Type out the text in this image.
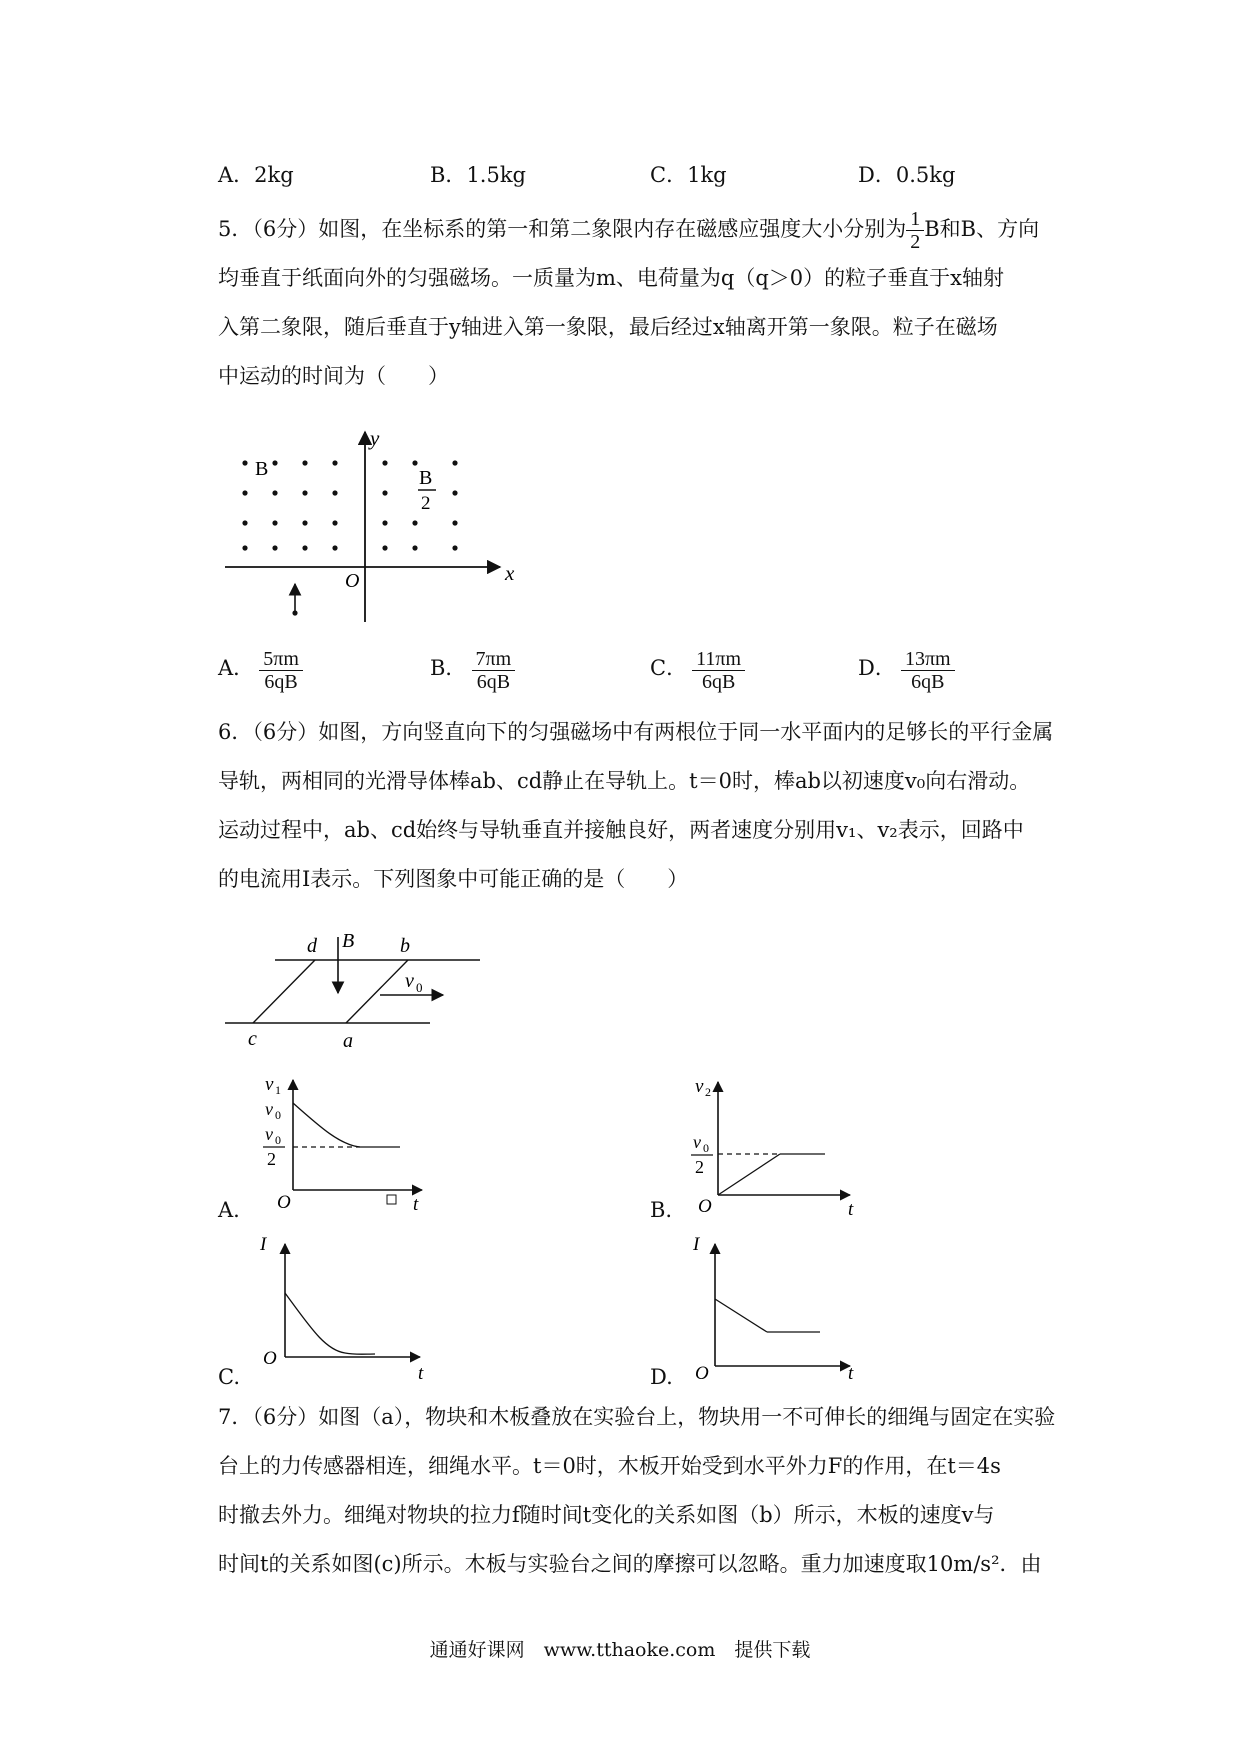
A．2kg	B．1.5kg	C．1kg	D．0.5kg
5．（6分）如图，在坐标系的第一和第二象限内存在磁感应强度大小分别为 $\frac{1}{2}$ B和B、方向
均垂直于纸面向外的匀强磁场。一质量为m、电荷量为q（q＞0）的粒子垂直于x轴射
入第二象限，随后垂直于y轴进入第一象限，最后经过x轴离开第一象限。粒子在磁场
中运动的时间为（　　）
B	B
2
y
x
O
A． $\frac{5\pi m}{6qB}$	B． $\frac{7\pi m}{6qB}$	C． $\frac{11\pi m}{6qB}$	D． $\frac{13\pi m}{6qB}$
6．（6分）如图，方向竖直向下的匀强磁场中有两根位于同一水平面内的足够长的平行金属
导轨，两相同的光滑导体棒ab、cd静止在导轨上。t＝0时，棒ab以初速度v₀向右滑动。
运动过程中，ab、cd始终与导轨垂直并接触良好，两者速度分别用v₁、v₂表示，回路中
的电流用I表示。下列图象中可能正确的是（　　）
d B b
v 0
c	a
A.
v 1
v 0
v 0
2
O	t	B.
v 2
v 0
2
O	t
C.
I
O
t	D.
I
O	t
7．（6分）如图（a），物块和木板叠放在实验台上，物块用一不可伸长的细绳与固定在实验
台上的力传感器相连，细绳水平。t＝0时，木板开始受到水平外力F的作用，在t＝4s
时撤去外力。细绳对物块的拉力f随时间t变化的关系如图（b）所示，木板的速度v与
时间t的关系如图(c)所示。木板与实验台之间的摩擦可以忽略。重力加速度取10m/s²．由
通通好课网　www.tthaoke.com　提供下载
